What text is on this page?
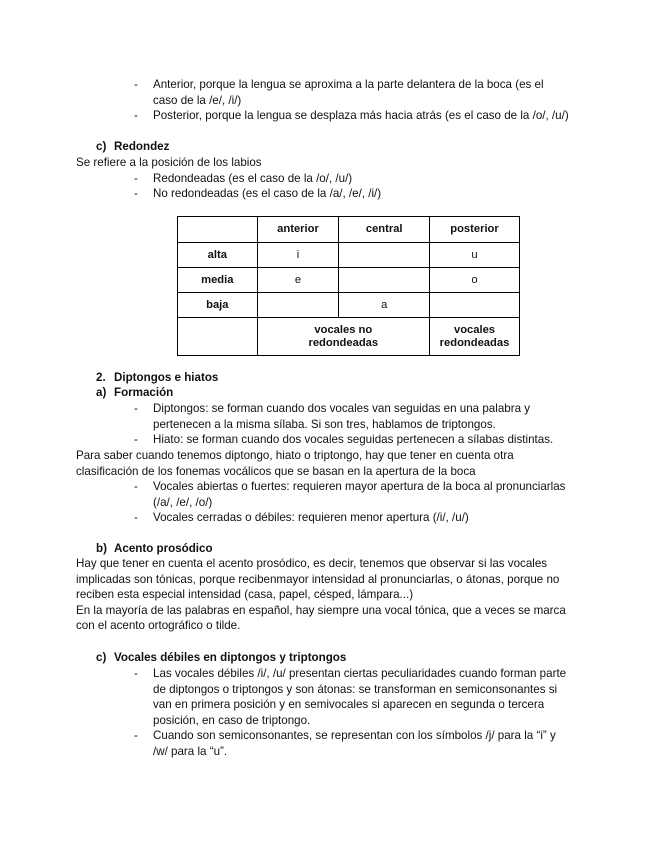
- Anterior, porque la lengua se aproxima a la parte delantera de la boca (es el
caso de la /e/, /i/)
- Posterior, porque la lengua se desplaza más hacia atrás (es el caso de la /o/, /u/)
c) Redondez
Se refiere a la posición de los labios
- Redondeadas (es el caso de la /o/, /u/)
- No redondeadas (es el caso de la /a/, /e/, /i/)
	anterior	central	posterior
alta	i		u
media	e		o
baja		a	

	vocales no redondeadas		vocales redondeadas
2. Diptongos e hiatos
a) Formación
- Diptongos: se forman cuando dos vocales van seguidas en una palabra y
pertenecen a la misma sílaba. Si son tres, hablamos de triptongos.
- Hiato: se forman cuando dos vocales seguidas pertenecen a sílabas distintas.
Para saber cuando tenemos diptongo, hiato o triptongo, hay que tener en cuenta otra
clasificación de los fonemas vocálicos que se basan en la apertura de la boca
- Vocales abiertas o fuertes: requieren mayor apertura de la boca al pronunciarlas
(/a/, /e/, /o/)
- Vocales cerradas o débiles: requieren menor apertura (/i/, /u/)
b) Acento prosódico
Hay que tener en cuenta el acento prosódico, es decir, tenemos que observar si las vocales
implicadas son tónicas, porque recibenmayor intensidad al pronunciarlas, o átonas, porque no
reciben esta especial intensidad (casa, papel, césped, lámpara...)
En la mayoría de las palabras en español, hay siempre una vocal tónica, que a veces se marca
con el acento ortográfico o tilde.
c) Vocales débiles en diptongos y triptongos
- Las vocales débiles /i/, /u/ presentan ciertas peculiaridades cuando forman parte
de diptongos o triptongos y son átonas: se transforman en semiconsonantes si
van en primera posición y en semivocales si aparecen en segunda o tercera
posición, en caso de triptongo.
- Cuando son semiconsonantes, se representan con los símbolos /j/ para la “i” y
/w/ para la “u”.
